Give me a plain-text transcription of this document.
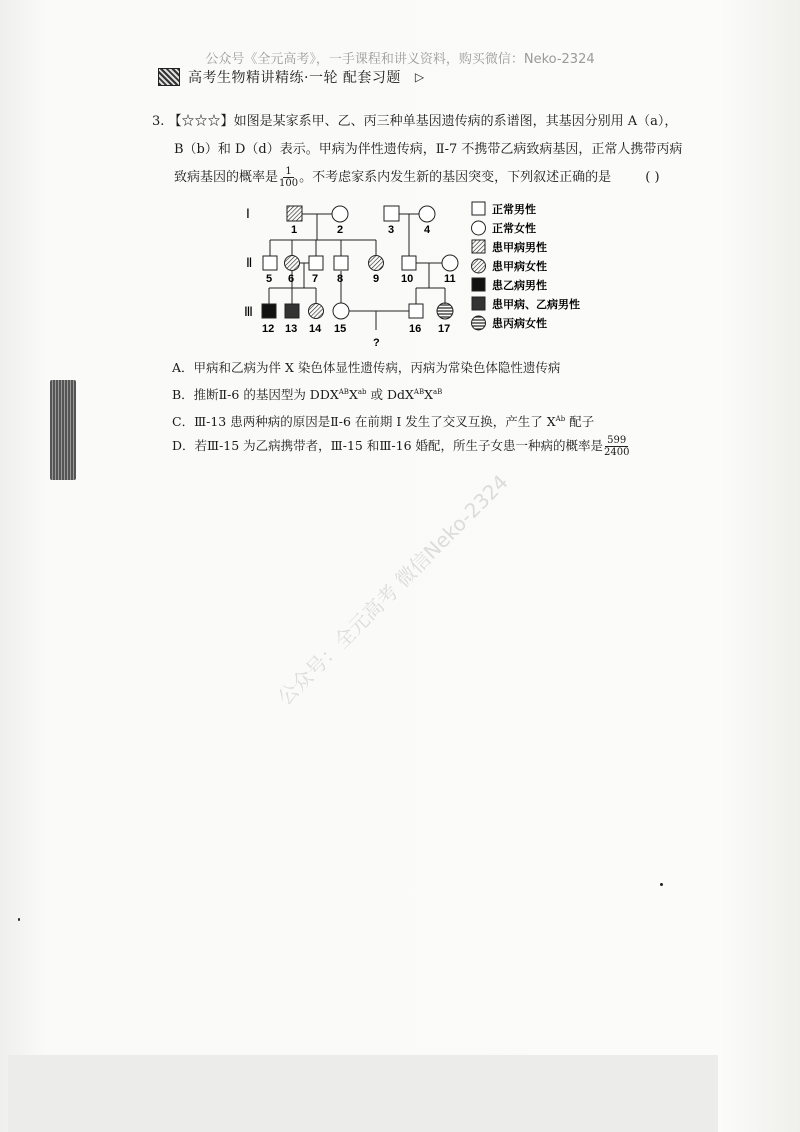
高考生物精讲精练·一轮 配套习题 ▷
3. 【☆☆☆】如图是某家系甲、乙、丙三种单基因遗传病的系谱图，其基因分别用 A（a），
B（b）和 D（d）表示。甲病为伴性遗传病，Ⅱ-7 不携带乙病致病基因，正常人携带丙病
致病基因的概率是 $\frac{1}{100}$ 。不考虑家系内发生新的基因突变，下列叙述正确的是	( )
Ⅰ
Ⅱ
Ⅲ
1	2	3	4
5 6 7 8	9 10	11
12 13 14 15	16 17
?
正常男性
正常女性
患甲病男性
患甲病女性
患乙病男性
患甲病、乙病男性
患丙病女性
A．甲病和乙病为伴 X 染色体显性遗传病，丙病为常染色体隐性遗传病
B．推断Ⅱ-6 的基因型为 $DDX^{AB}X^{ab}$ 或 $DdX^{AB}X^{aB}$
C．Ⅲ-13 患两种病的原因是Ⅱ-6 在前期 I 发生了交叉互换，产生了 $X^{Ab}$ 配子
D．若Ⅲ-15 为乙病携带者，Ⅲ-15 和Ⅲ-16 婚配，所生子女患一种病的概率是 $\frac{599}{2400}$
公众号：全元高考 微信Neko-2324
公众号《全元高考》，一手课程和讲义资料，购买微信：Neko-2324
